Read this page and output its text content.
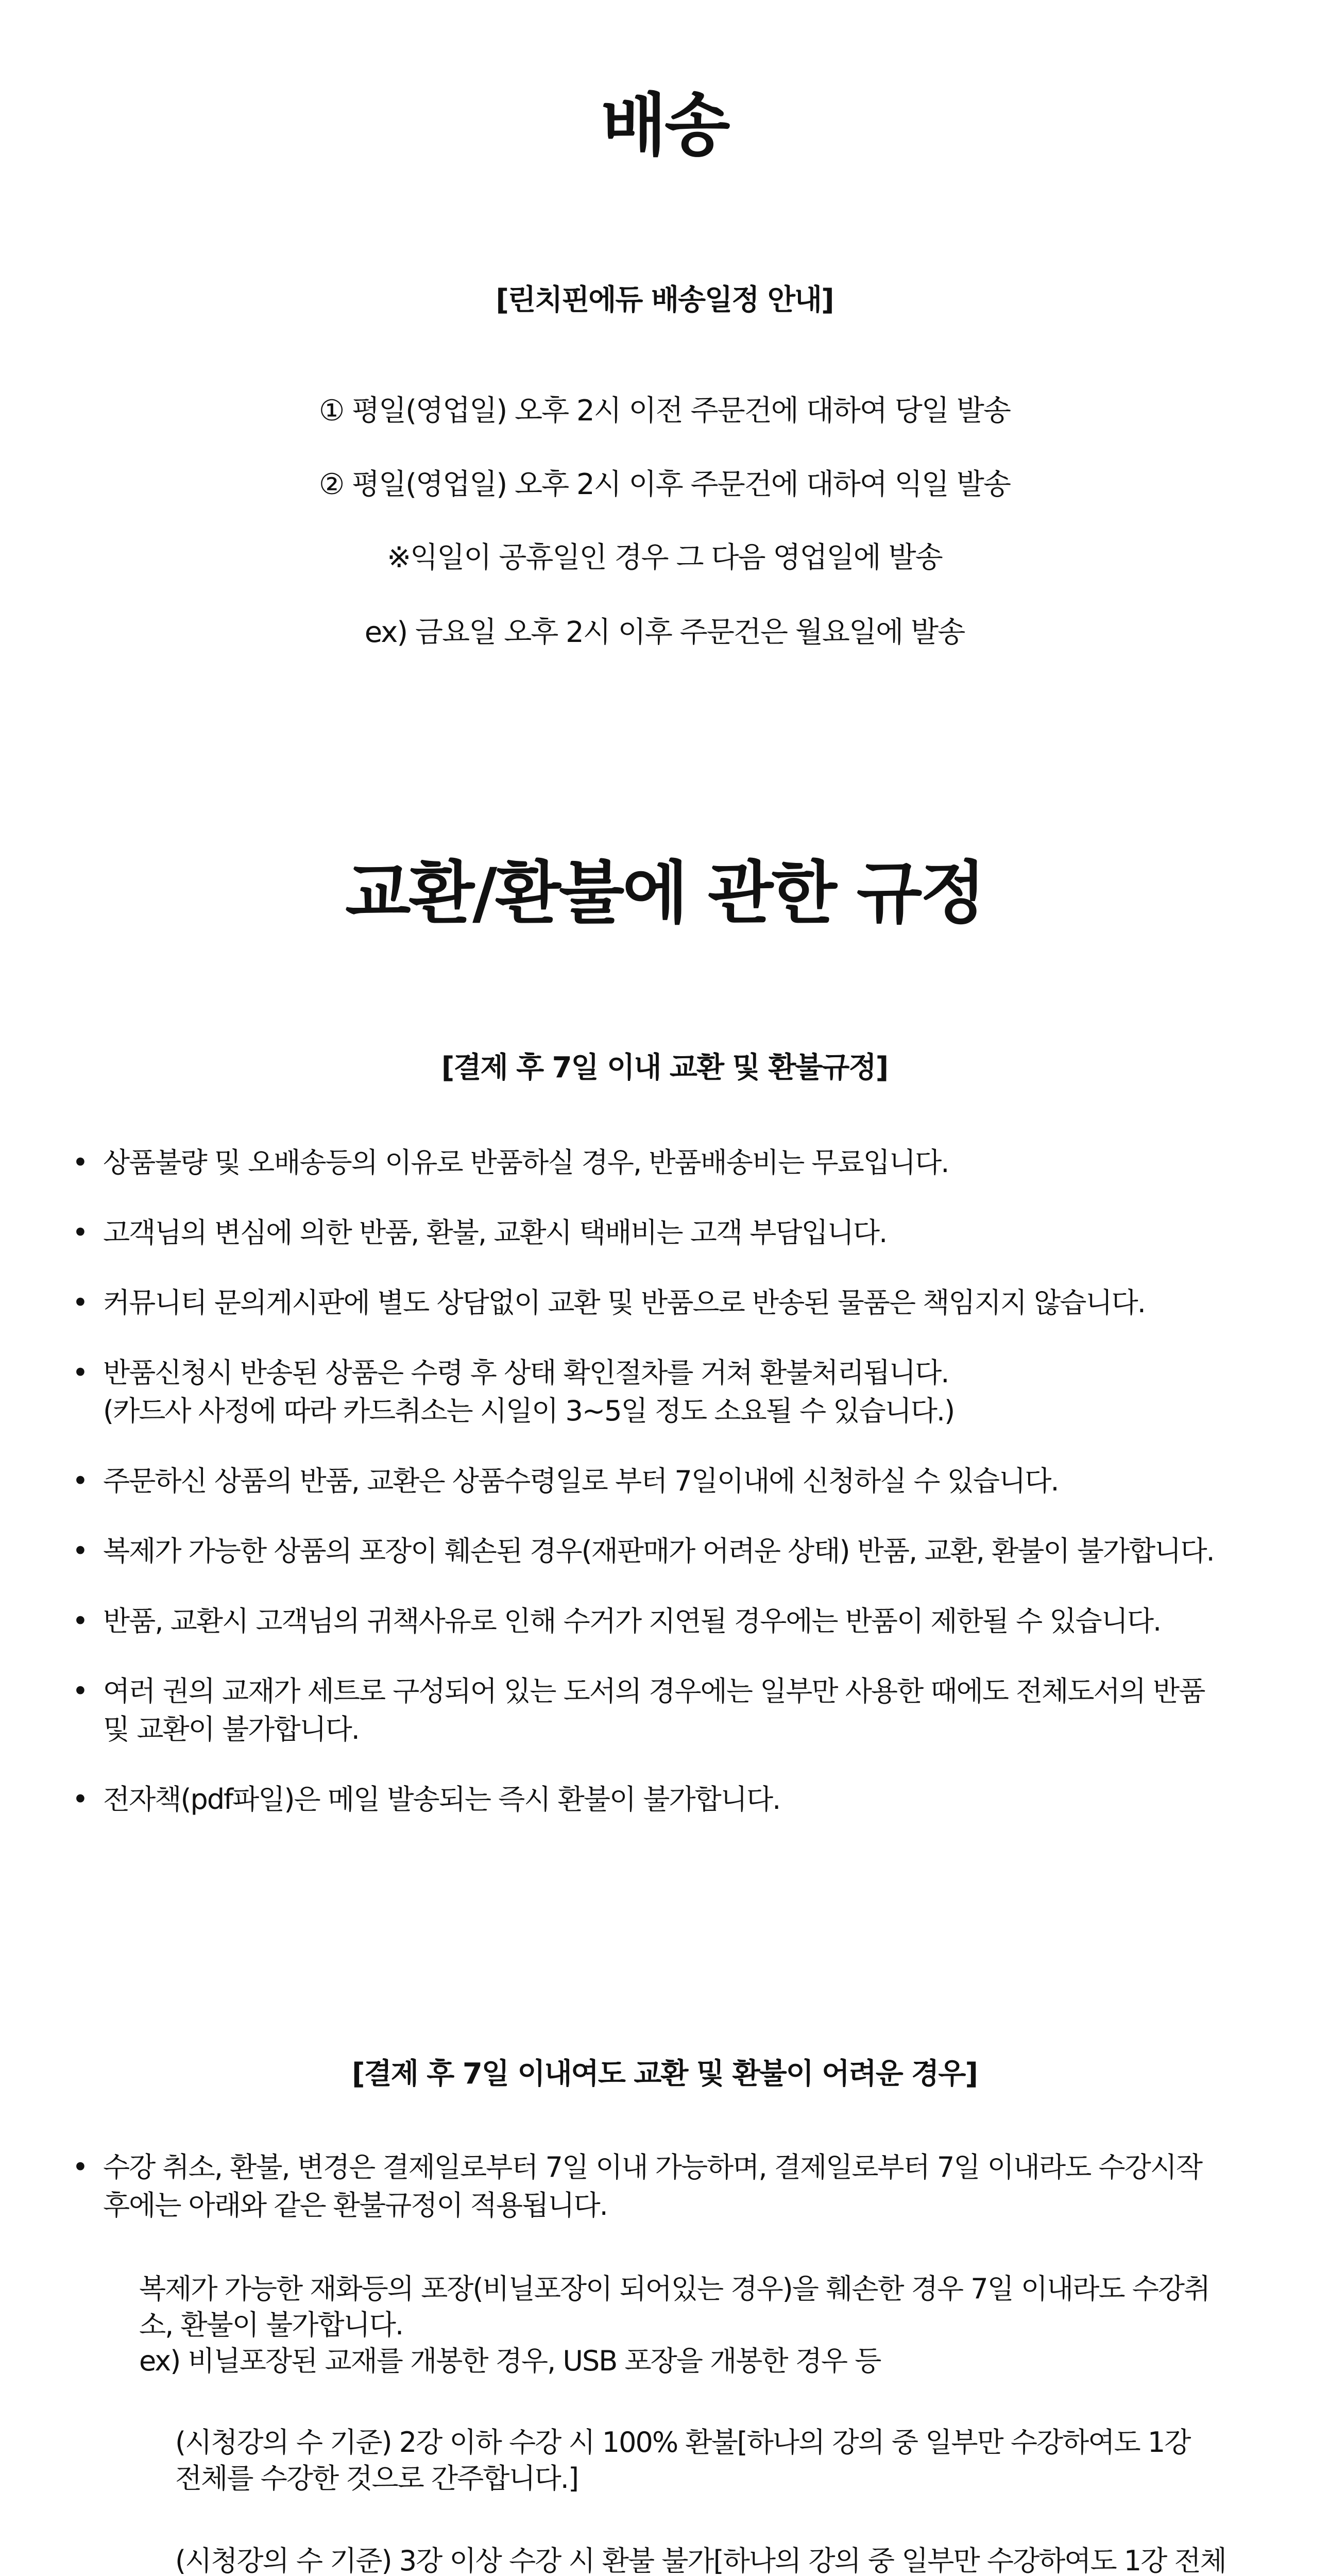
배송
[린치핀에듀 배송일정 안내]
① 평일(영업일) 오후 2시 이전 주문건에 대하여 당일 발송
② 평일(영업일) 오후 2시 이후 주문건에 대하여 익일 발송
※익일이 공휴일인 경우 그 다음 영업일에 발송
ex) 금요일 오후 2시 이후 주문건은 월요일에 발송
교환/환불에 관한 규정
[결제 후 7일 이내 교환 및 환불규정]
• 상품불량 및 오배송등의 이유로 반품하실 경우, 반품배송비는 무료입니다.
• 고객님의 변심에 의한 반품, 환불, 교환시 택배비는 고객 부담입니다.
• 커뮤니티 문의게시판에 별도 상담없이 교환 및 반품으로 반송된 물품은 책임지지 않습니다.
• 반품신청시 반송된 상품은 수령 후 상태 확인절차를 거쳐 환불처리됩니다.
(카드사 사정에 따라 카드취소는 시일이 3~5일 정도 소요될 수 있습니다.)
• 주문하신 상품의 반품, 교환은 상품수령일로 부터 7일이내에 신청하실 수 있습니다.
• 복제가 가능한 상품의 포장이 훼손된 경우(재판매가 어려운 상태) 반품, 교환, 환불이 불가합니다.
• 반품, 교환시 고객님의 귀책사유로 인해 수거가 지연될 경우에는 반품이 제한될 수 있습니다.
• 여러 권의 교재가 세트로 구성되어 있는 도서의 경우에는 일부만 사용한 때에도 전체도서의 반품
및 교환이 불가합니다.
• 전자책(pdf파일)은 메일 발송되는 즉시 환불이 불가합니다.
[결제 후 7일 이내여도 교환 및 환불이 어려운 경우]
• 수강 취소, 환불, 변경은 결제일로부터 7일 이내 가능하며, 결제일로부터 7일 이내라도 수강시작
후에는 아래와 같은 환불규정이 적용됩니다.
복제가 가능한 재화등의 포장(비닐포장이 되어있는 경우)을 훼손한 경우 7일 이내라도 수강취
소, 환불이 불가합니다.
ex) 비닐포장된 교재를 개봉한 경우, USB 포장을 개봉한 경우 등
(시청강의 수 기준) 2강 이하 수강 시 100% 환불[하나의 강의 중 일부만 수강하여도 1강
전체를 수강한 것으로 간주합니다.]
(시청강의 수 기준) 3강 이상 수강 시 환불 불가[하나의 강의 중 일부만 수강하여도 1강 전체
